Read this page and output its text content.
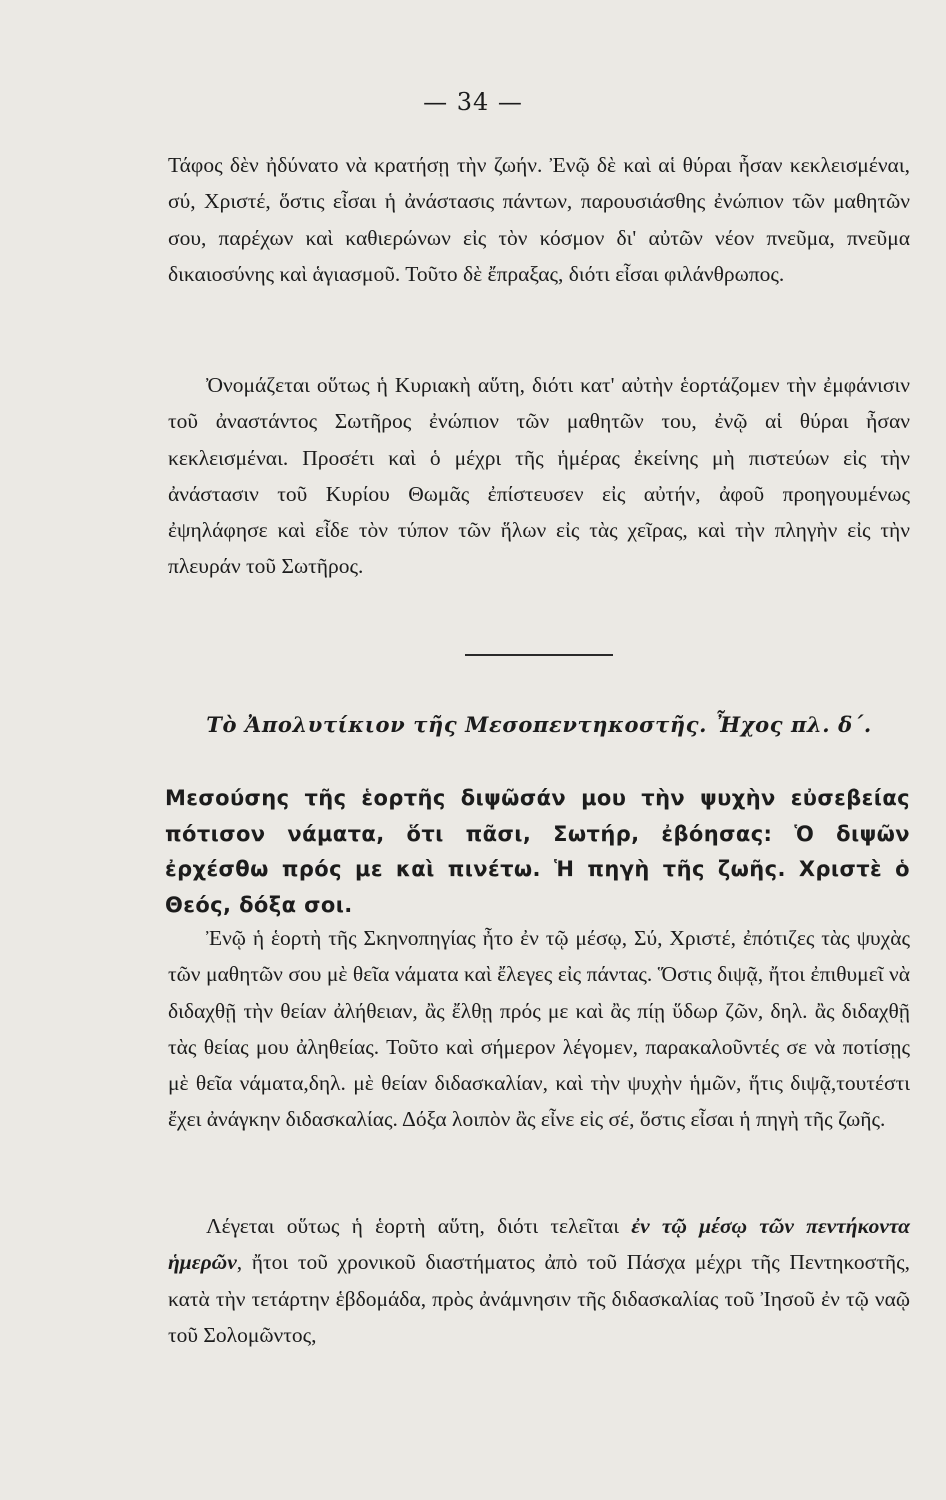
— 34 —

Τάφος δὲν ἠδύνατο νὰ κρατήσῃ τὴν ζωήν. Ἐνῷ δὲ καὶ αἱ θύραι ἦσαν κεκλεισμέναι, σύ, Χριστέ, ὅστις εἶσαι ἡ ἀνάστασις πάντων, παρουσιάσθης ἐνώπιον τῶν μαθητῶν σου, παρέχων καὶ καθιερώνων εἰς τὸν κόσμον δι' αὐτῶν νέον πνεῦμα, πνεῦμα δικαιοσύνης καὶ ἁγιασμοῦ. Τοῦτο δὲ ἔπραξας, διότι εἶσαι φιλάνθρωπος.

Ὀνομάζεται οὕτως ἡ Κυριακὴ αὕτη, διότι κατ' αὐτὴν ἑορτάζομεν τὴν ἐμφάνισιν τοῦ ἀναστάντος Σωτῆρος ἐνώπιον τῶν μαθητῶν του, ἐνῷ αἱ θύραι ἦσαν κεκλεισμέναι. Προσέτι καὶ ὁ μέχρι τῆς ἡμέρας ἐκείνης μὴ πιστεύων εἰς τὴν ἀνάστασιν τοῦ Κυρίου Θωμᾶς ἐπίστευσεν εἰς αὐτήν, ἀφοῦ προηγουμένως ἐψηλάφησε καὶ εἶδε τὸν τύπον τῶν ἥλων εἰς τὰς χεῖρας, καὶ τὴν πληγὴν εἰς τὴν πλευράν τοῦ Σωτῆρος.

Τὸ Ἀπολυτίκιον τῆς Μεσοπεντηκοστῆς. Ἦχος πλ. δ΄.

Μεσούσης τῆς ἑορτῆς διψῶσάν μου τὴν ψυχὴν εὐσεβείας πότισον νάματα, ὅτι πᾶσι, Σωτήρ, ἐβόησας: Ὁ διψῶν ἐρχέσθω πρός με καὶ πινέτω. Ἡ πηγὴ τῆς ζωῆς. Χριστὲ ὁ Θεός, δόξα σοι.

Ἐνῷ ἡ ἑορτὴ τῆς Σκηνοπηγίας ἦτο ἐν τῷ μέσῳ, Σύ, Χριστέ, ἐπότιζες τὰς ψυχὰς τῶν μαθητῶν σου μὲ θεῖα νάματα καὶ ἔλεγες εἰς πάντας. Ὅστις διψᾷ, ἤτοι ἐπιθυμεῖ νὰ διδαχθῇ τὴν θείαν ἀλήθειαν, ἂς ἔλθῃ πρός με καὶ ἂς πίῃ ὕδωρ ζῶν, δηλ. ἂς διδαχθῇ τὰς θείας μου ἀληθείας. Τοῦτο καὶ σήμερον λέγομεν, παρακαλοῦντές σε νὰ ποτίσῃς μὲ θεῖα νάματα,δηλ. μὲ θείαν διδασκαλίαν, καὶ τὴν ψυχὴν ἡμῶν, ἥτις διψᾷ,τουτέστι ἔχει ἀνάγκην διδασκαλίας. Δόξα λοιπὸν ἂς εἶνε εἰς σέ, ὅστις εἶσαι ἡ πηγὴ τῆς ζωῆς.

Λέγεται οὕτως ἡ ἑορτὴ αὕτη, διότι τελεῖται ἐν τῷ μέσῳ τῶν πεντήκοντα ἡμερῶν, ἤτοι τοῦ χρονικοῦ διαστήματος ἀπὸ τοῦ Πάσχα μέχρι τῆς Πεντηκοστῆς, κατὰ τὴν τετάρτην ἑβδομάδα, πρὸς ἀνάμνησιν τῆς διδασκαλίας τοῦ Ἰησοῦ ἐν τῷ ναῷ τοῦ Σολομῶντος,
